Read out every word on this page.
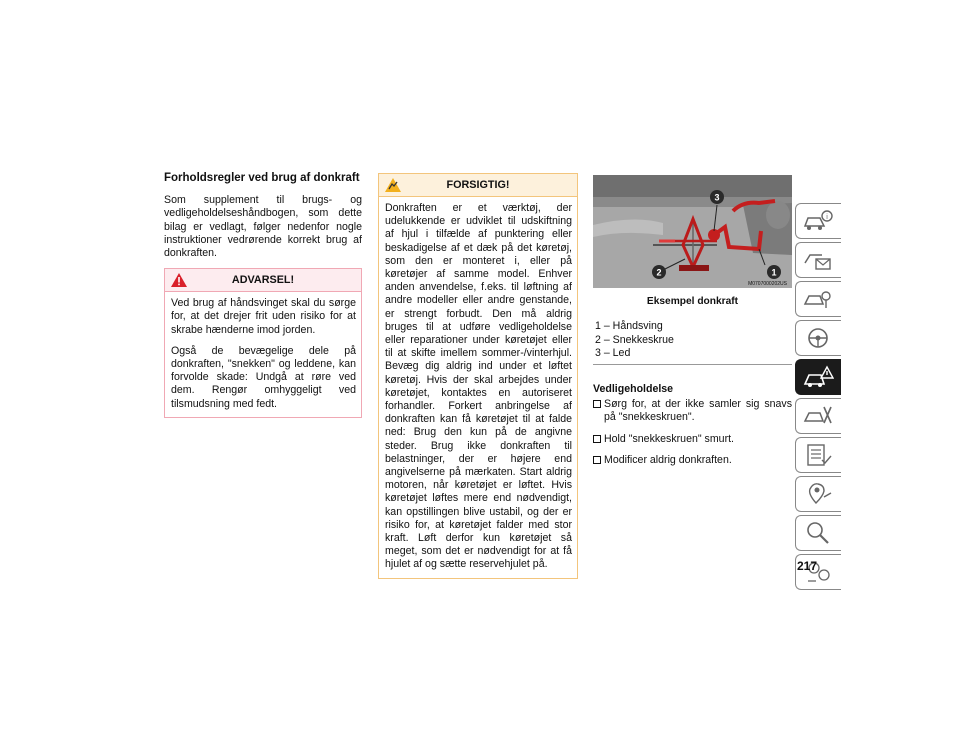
Forholdsregler ved brug af donkraft

Som supplement til brugs- og vedligeholdelseshåndbogen, som dette bilag er vedlagt, følger nedenfor nogle instruktioner vedrørende korrekt brug af donkraften.

ADVARSEL!

Ved brug af håndsvinget skal du sørge for, at det drejer frit uden risiko for at skrabe hænderne imod jorden.

Også de bevægelige dele på donkraften, "snekken" og leddene, kan forvolde skade: Undgå at røre ved dem. Rengør omhyggeligt ved tilsmudsning med fedt.

FORSIGTIG!

Donkraften er et værktøj, der udelukkende er udviklet til udskiftning af hjul i tilfælde af punktering eller beskadigelse af et dæk på det køretøj, som den er monteret i, eller på køretøjer af samme model. Enhver anden anvendelse, f.eks. til løftning af andre modeller eller andre genstande, er strengt forbudt. Den må aldrig bruges til at udføre vedligeholdelse eller reparationer under køretøjet eller til at skifte imellem sommer-/vinterhjul. Bevæg dig aldrig ind under et løftet køretøj. Hvis der skal arbejdes under køretøjet, kontaktes en autoriseret forhandler. Forkert anbringelse af donkraften kan få køretøjet til at falde ned: Brug den kun på de angivne steder. Brug ikke donkraften til belastninger, der er højere end angivelserne på mærkaten. Start aldrig motoren, når køretøjet er løftet. Hvis køretøjet løftes mere end nødvendigt, kan opstillingen blive ustabil, og der er risiko for, at køretøjet falder med stor kraft. Løft derfor kun køretøjet så meget, som det er nødvendigt for at få hjulet af og sætte reservehjulet på.

3
2	1
M0707000202US
Eksempel donkraft
1 – Håndsving
2 – Snekkeskrue
3 – Led
Vedligeholdelse
Sørg for, at der ikke samler sig snavs på "snekkeskruen".
Hold "snekkeskruen" smurt.
Modificer aldrig donkraften.
i
217
